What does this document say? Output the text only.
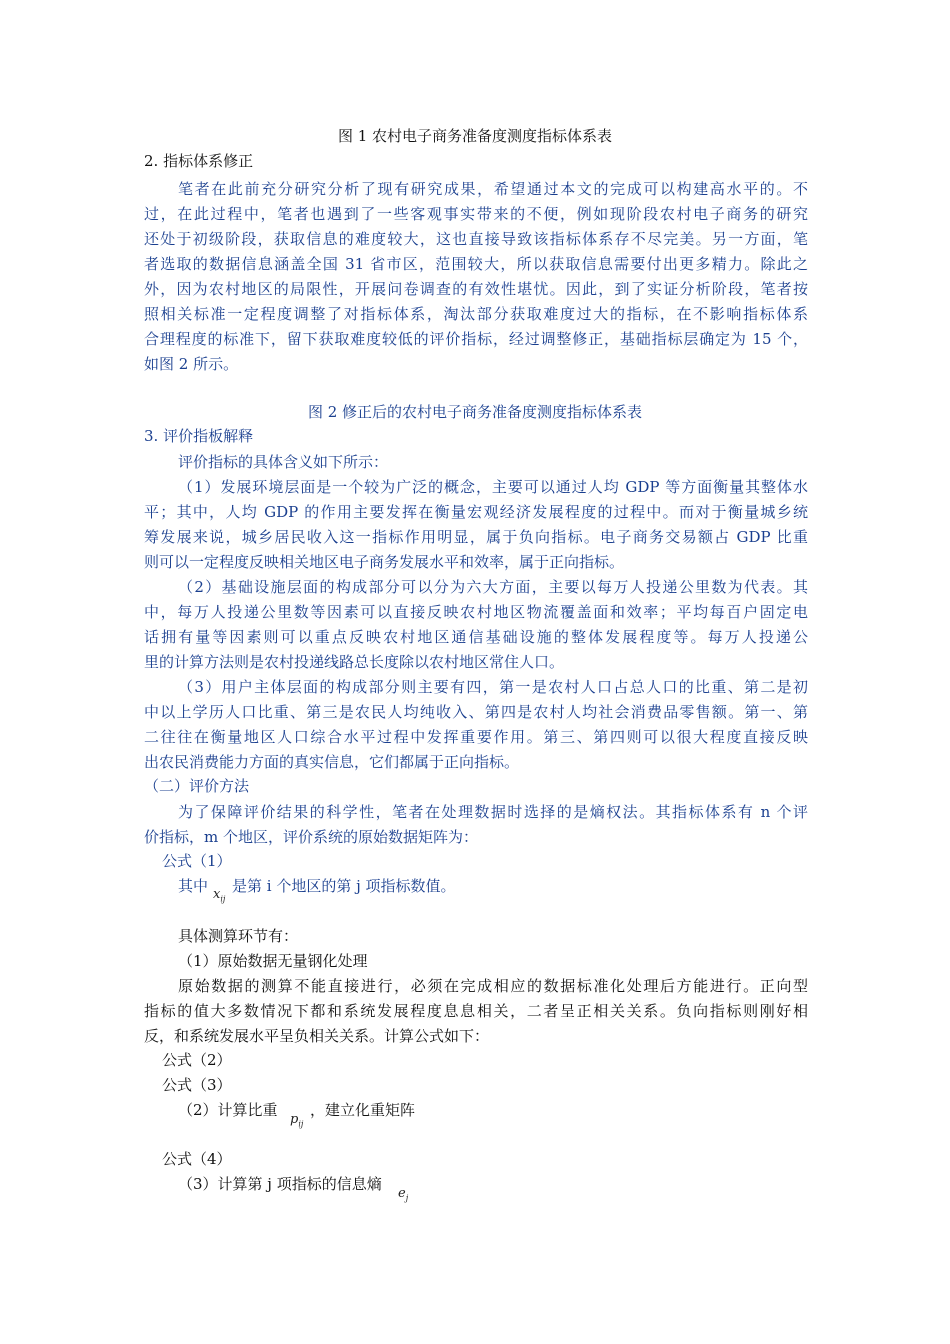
图 1 农村电子商务准备度测度指标体系表
2. 指标体系修正
笔者在此前充分研究分析了现有研究成果，希望通过本文的完成可以构建高水平的。不
过，在此过程中，笔者也遇到了一些客观事实带来的不便，例如现阶段农村电子商务的研究
还处于初级阶段，获取信息的难度较大，这也直接导致该指标体系存不尽完美。另一方面，笔
者选取的数据信息涵盖全国 31 省市区，范围较大，所以获取信息需要付出更多精力。除此之
外，因为农村地区的局限性，开展问卷调查的有效性堪忧。因此，到了实证分析阶段，笔者按
照相关标准一定程度调整了对指标体系，淘汰部分获取难度过大的指标，在不影响指标体系
合理程度的标准下，留下获取难度较低的评价指标，经过调整修正，基础指标层确定为 15 个，
如图 2 所示。
图 2 修正后的农村电子商务准备度测度指标体系表
3. 评价指板解释
评价指标的具体含义如下所示：
（1）发展环境层面是一个较为广泛的概念，主要可以通过人均 GDP 等方面衡量其整体水
平；其中，人均 GDP 的作用主要发挥在衡量宏观经济发展程度的过程中。而对于衡量城乡统
筹发展来说，城乡居民收入这一指标作用明显，属于负向指标。电子商务交易额占 GDP 比重
则可以一定程度反映相关地区电子商务发展水平和效率，属于正向指标。
（2）基础设施层面的构成部分可以分为六大方面，主要以每万人投递公里数为代表。其
中，每万人投递公里数等因素可以直接反映农村地区物流覆盖面和效率；平均每百户固定电
话拥有量等因素则可以重点反映农村地区通信基础设施的整体发展程度等。每万人投递公
里的计算方法则是农村投递线路总长度除以农村地区常住人口。
（3）用户主体层面的构成部分则主要有四，第一是农村人口占总人口的比重、第二是初
中以上学历人口比重、第三是农民人均纯收入、第四是农村人均社会消费品零售额。第一、第
二往往在衡量地区人口综合水平过程中发挥重要作用。第三、第四则可以很大程度直接反映
出农民消费能力方面的真实信息，它们都属于正向指标。
（二）评价方法
为了保障评价结果的科学性，笔者在处理数据时选择的是熵权法。其指标体系有 n 个评
价指标，m 个地区，评价系统的原始数据矩阵为：
公式（1）
其中 $x_{ij}$
是第 i 个地区的第 j 项指标数值。
具体测算环节有：
（1）原始数据无量钢化处理
原始数据的测算不能直接进行，必须在完成相应的数据标准化处理后方能进行。正向型
指标的值大多数情况下都和系统发展程度息息相关，二者呈正相关关系。负向指标则刚好相
反，和系统发展水平呈负相关关系。计算公式如下：
公式（2）
公式（3）
（2）计算比重
$p_{ij}$
，建立化重矩阵
公式（4）
（3）计算第 j 项指标的信息熵
$e_j$
